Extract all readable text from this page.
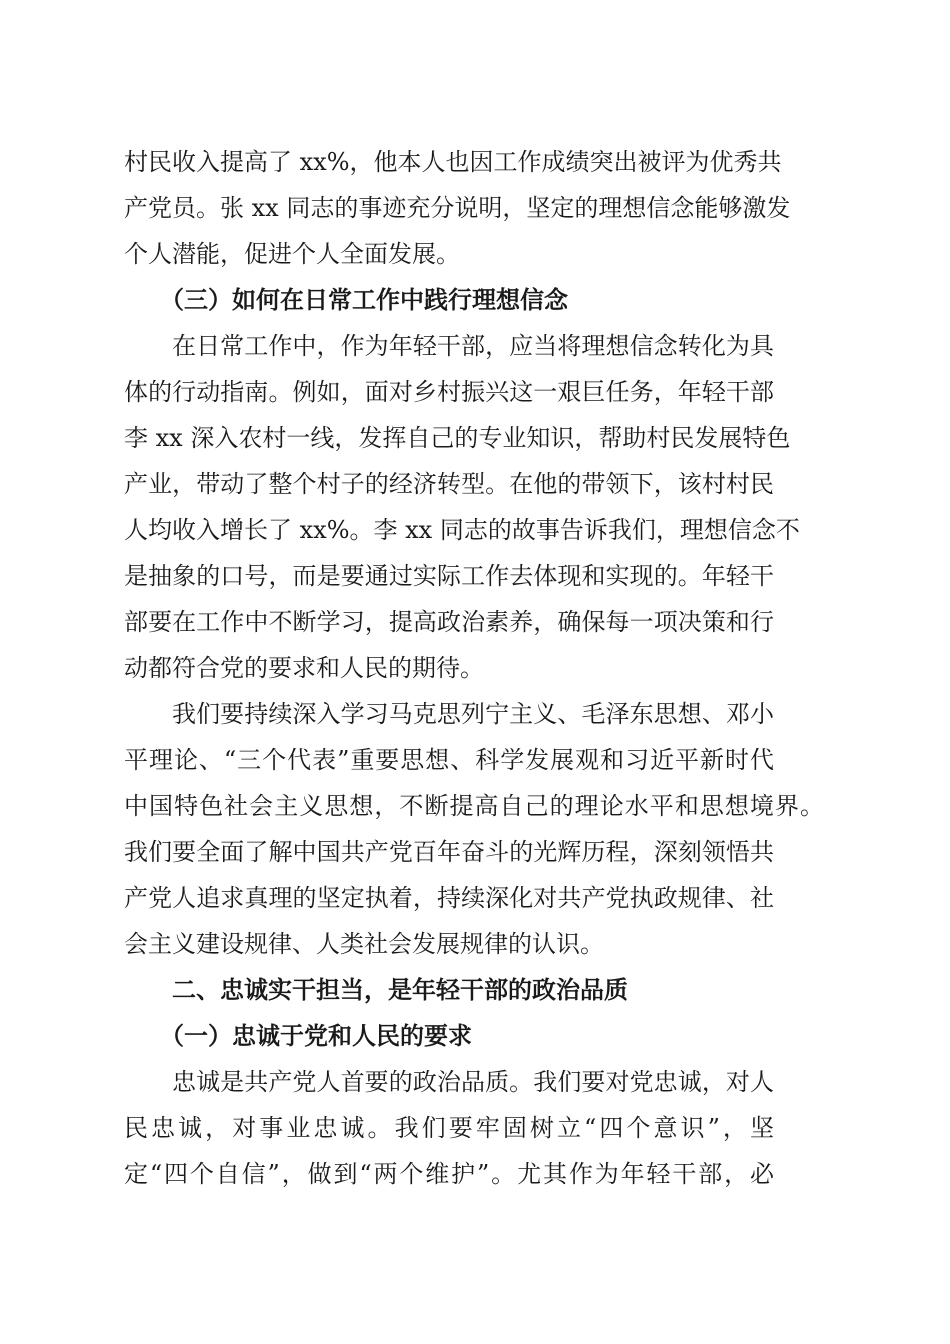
村民收入提高了 xx%，他本人也因工作成绩突出被评为优秀共

产党员。张 xx 同志的事迹充分说明，坚定的理想信念能够激发

个人潜能，促进个人全面发展。

（三）如何在日常工作中践行理想信念

在日常工作中，作为年轻干部，应当将理想信念转化为具

体的行动指南。例如，面对乡村振兴这一艰巨任务，年轻干部

李 xx 深入农村一线，发挥自己的专业知识，帮助村民发展特色

产业，带动了整个村子的经济转型。在他的带领下，该村村民

人均收入增长了 xx%。李 xx 同志的故事告诉我们，理想信念不

是抽象的口号，而是要通过实际工作去体现和实现的。年轻干

部要在工作中不断学习，提高政治素养，确保每一项决策和行

动都符合党的要求和人民的期待。

我们要持续深入学习马克思列宁主义、毛泽东思想、邓小

平理论、“三个代表”重要思想、科学发展观和习近平新时代

中国特色社会主义思想，不断提高自己的理论水平和思想境界。

我们要全面了解中国共产党百年奋斗的光辉历程，深刻领悟共

产党人追求真理的坚定执着，持续深化对共产党执政规律、社

会主义建设规律、人类社会发展规律的认识。

二、忠诚实干担当，是年轻干部的政治品质

（一）忠诚于党和人民的要求

忠诚是共产党人首要的政治品质。我们要对党忠诚，对人

民忠诚，对事业忠诚。我们要牢固树立“四个意识”，坚

定“四个自信”，做到“两个维护”。尤其作为年轻干部，必
